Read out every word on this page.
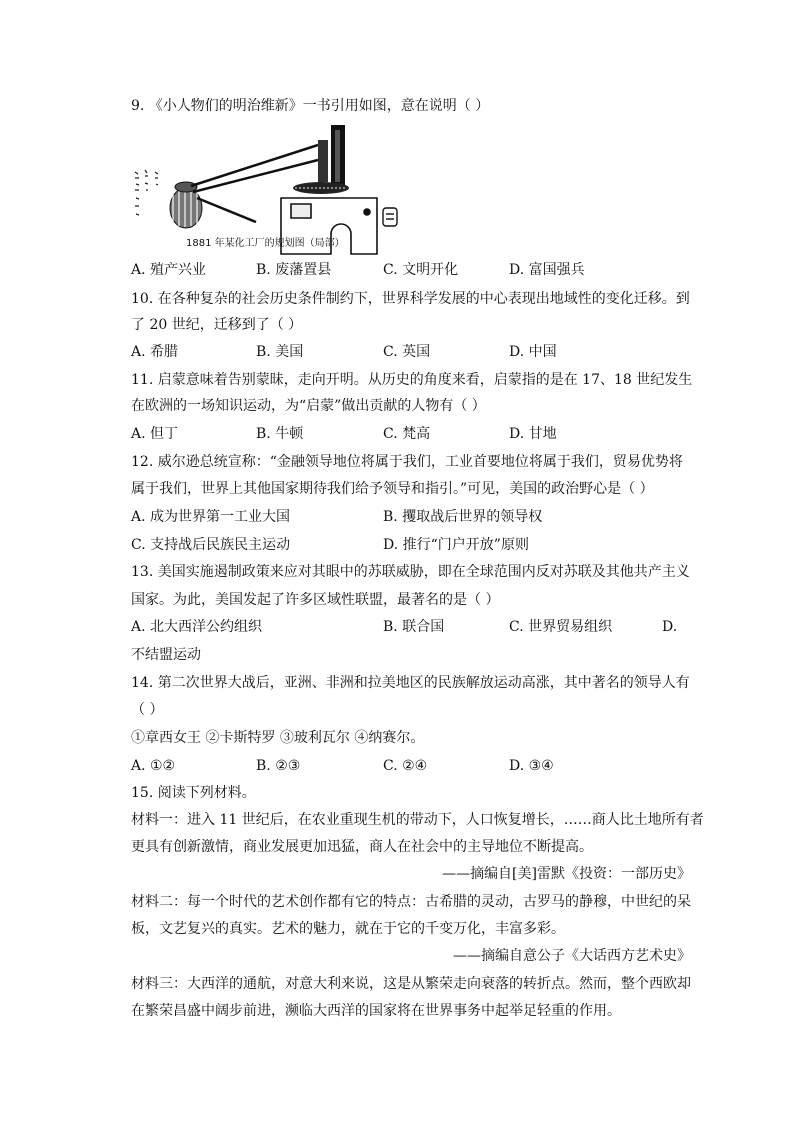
9. 《小人物们的明治维新》一书引用如图，意在说明（ ）
1881 年某化工厂的规划图（局部）
A. 殖产兴业	B. 废藩置县	C. 文明开化	D. 富国强兵
10. 在各种复杂的社会历史条件制约下，世界科学发展的中心表现出地域性的变化迁移。到
了 20 世纪，迁移到了（ ）
A. 希腊	B. 美国	C. 英国	D. 中国
11. 启蒙意味着告别蒙昧，走向开明。从历史的角度来看，启蒙指的是在 17、18 世纪发生
在欧洲的一场知识运动，为“启蒙”做出贡献的人物有（ ）
A. 但丁	B. 牛顿	C. 梵高	D. 甘地
12. 威尔逊总统宣称：“金融领导地位将属于我们，工业首要地位将属于我们，贸易优势将
属于我们，世界上其他国家期待我们给予领导和指引。”可见，美国的政治野心是（ ）
A. 成为世界第一工业大国	B. 攫取战后世界的领导权
C. 支持战后民族民主运动	D. 推行“门户开放”原则
13. 美国实施遏制政策来应对其眼中的苏联威胁，即在全球范围内反对苏联及其他共产主义
国家。为此，美国发起了许多区域性联盟，最著名的是（ ）
A. 北大西洋公约组织	B. 联合国	C. 世界贸易组织	D.
不结盟运动
14. 第二次世界大战后，亚洲、非洲和拉美地区的民族解放运动高涨，其中著名的领导人有
（ ）
①章西女王 ②卡斯特罗 ③玻利瓦尔 ④纳赛尔。
A. ①②	B. ②③	C. ②④	D. ③④
15. 阅读下列材料。
材料一：进入 11 世纪后，在农业重现生机的带动下，人口恢复增长，……商人比土地所有者
更具有创新激情，商业发展更加迅猛，商人在社会中的主导地位不断提高。
——摘编自[美]雷默《投资：一部历史》
材料二：每一个时代的艺术创作都有它的特点：古希腊的灵动，古罗马的静穆，中世纪的呆
板，文艺复兴的真实。艺术的魅力，就在于它的千变万化，丰富多彩。
——摘编自意公子《大话西方艺术史》
材料三：大西洋的通航，对意大利来说，这是从繁荣走向衰落的转折点。然而，整个西欧却
在繁荣昌盛中阔步前进，濒临大西洋的国家将在世界事务中起举足轻重的作用。
